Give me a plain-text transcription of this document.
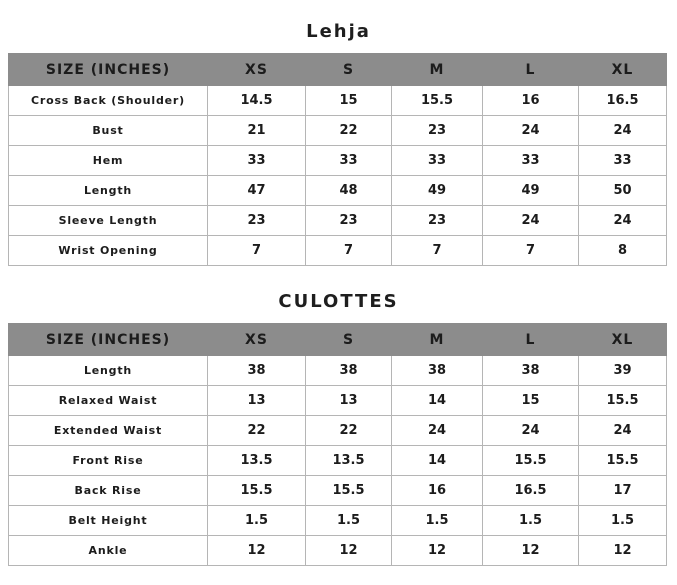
Lehja
SIZE (INCHES)	XS	S	M	L	XL
Cross Back (Shoulder)	14.5	15	15.5	16	16.5
Bust	21	22	23	24	24
Hem	33	33	33	33	33
Length	47	48	49	49	50
Sleeve Length	23	23	23	24	24
Wrist Opening	7	7	7	7	8
CULOTTES
SIZE (INCHES)	XS	S	M	L	XL
Length	38	38	38	38	39
Relaxed Waist	13	13	14	15	15.5
Extended Waist	22	22	24	24	24
Front Rise	13.5	13.5	14	15.5	15.5
Back Rise	15.5	15.5	16	16.5	17
Belt Height	1.5	1.5	1.5	1.5	1.5
Ankle	12	12	12	12	12
